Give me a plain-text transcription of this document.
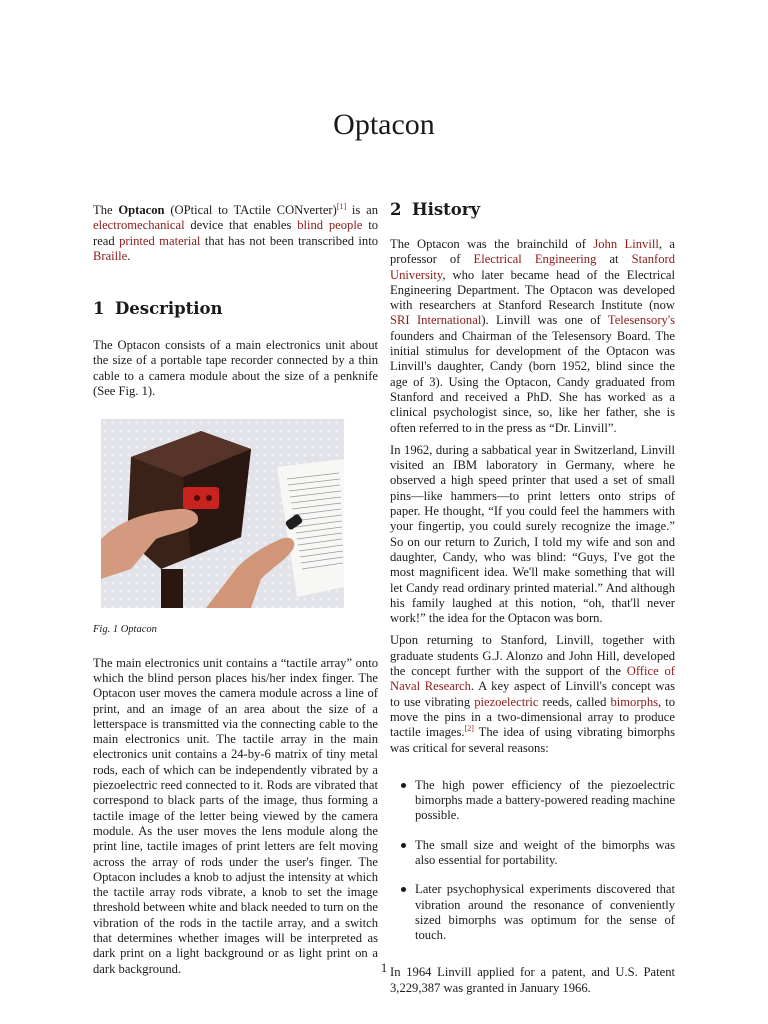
Optacon

The Optacon (OPtical to TActile CONverter)[1] is an electromechanical device that enables blind people to read printed material that has not been transcribed into Braille.

1 Description

The Optacon consists of a main electronics unit about the size of a portable tape recorder connected by a thin cable to a camera module about the size of a penknife (See Fig. 1).

Fig. 1 Optacon

The main electronics unit contains a “tactile array” onto which the blind person places his/her index finger. The Optacon user moves the camera module across a line of print, and an image of an area about the size of a letterspace is transmitted via the connecting cable to the main electronics unit. The tactile array in the main electronics unit contains a 24-by-6 matrix of tiny metal rods, each of which can be independently vibrated by a piezoelectric reed connected to it. Rods are vibrated that correspond to black parts of the image, thus forming a tactile image of the letter being viewed by the camera module. As the user moves the lens module along the print line, tactile images of print letters are felt moving across the array of rods under the user's finger. The Optacon includes a knob to adjust the intensity at which the tactile array rods vibrate, a knob to set the image threshold between white and black needed to turn on the vibration of the rods in the tactile array, and a switch that determines whether images will be interpreted as dark print on a light background or as light print on a dark background.

2 History

The Optacon was the brainchild of John Linvill, a professor of Electrical Engineering at Stanford University, who later became head of the Electrical Engineering Department. The Optacon was developed with researchers at Stanford Research Institute (now SRI International). Linvill was one of Telesensory's founders and Chairman of the Telesensory Board. The initial stimulus for development of the Optacon was Linvill's daughter, Candy (born 1952, blind since the age of 3). Using the Optacon, Candy graduated from Stanford and received a PhD. She has worked as a clinical psychologist since, so, like her father, she is often referred to in the press as “Dr. Linvill”.

In 1962, during a sabbatical year in Switzerland, Linvill visited an IBM laboratory in Germany, where he observed a high speed printer that used a set of small pins—like hammers—to print letters onto strips of paper. He thought, “If you could feel the hammers with your fingertip, you could surely recognize the image.” So on our return to Zurich, I told my wife and son and daughter, Candy, who was blind: “Guys, I've got the most magnificent idea. We'll make something that will let Candy read ordinary printed material.” And although his family laughed at this notion, “oh, that'll never work!” the idea for the Optacon was born.

Upon returning to Stanford, Linvill, together with graduate students G.J. Alonzo and John Hill, developed the concept further with the support of the Office of Naval Research. A key aspect of Linvill's concept was to use vibrating piezoelectric reeds, called bimorphs, to move the pins in a two-dimensional array to produce tactile images.[2] The idea of using vibrating bimorphs was critical for several reasons:

The high power efficiency of the piezoelectric bimorphs made a battery-powered reading machine possible.
The small size and weight of the bimorphs was also essential for portability.
Later psychophysical experiments discovered that vibration around the resonance of conveniently sized bimorphs was optimum for the sense of touch.

In 1964 Linvill applied for a patent, and U.S. Patent 3,229,387 was granted in January 1966.

1
